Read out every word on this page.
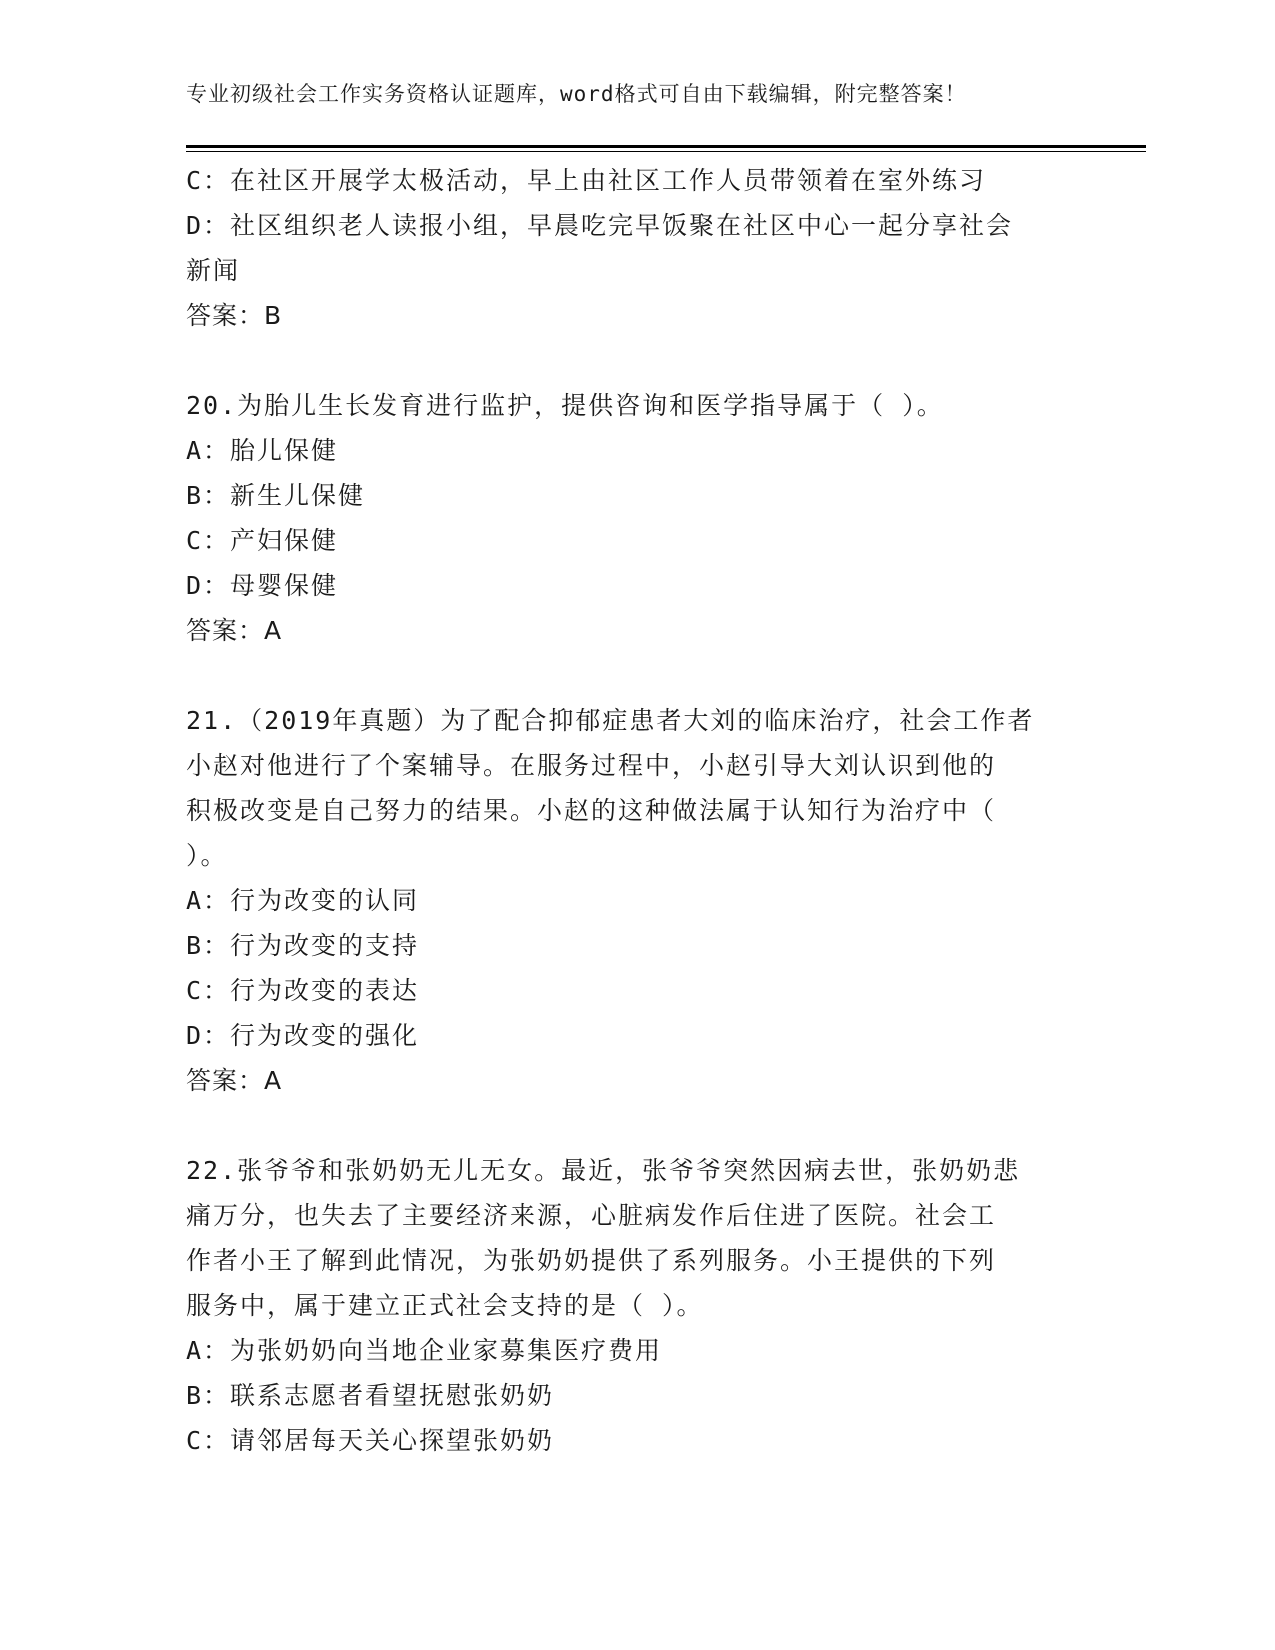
专业初级社会工作实务资格认证题库，word格式可自由下载编辑，附完整答案！
C：在社区开展学太极活动，早上由社区工作人员带领着在室外练习
D：社区组织老人读报小组，早晨吃完早饭聚在社区中心一起分享社会
新闻
答案：B
20.为胎儿生长发育进行监护，提供咨询和医学指导属于（ ）。
A：胎儿保健
B：新生儿保健
C：产妇保健
D：母婴保健
答案：A
21.（2019年真题）为了配合抑郁症患者大刘的临床治疗，社会工作者
小赵对他进行了个案辅导。在服务过程中，小赵引导大刘认识到他的
积极改变是自己努力的结果。小赵的这种做法属于认知行为治疗中（
）。
A：行为改变的认同
B：行为改变的支持
C：行为改变的表达
D：行为改变的强化
答案：A
22.张爷爷和张奶奶无儿无女。最近，张爷爷突然因病去世，张奶奶悲
痛万分，也失去了主要经济来源，心脏病发作后住进了医院。社会工
作者小王了解到此情况，为张奶奶提供了系列服务。小王提供的下列
服务中，属于建立正式社会支持的是（ ）。
A：为张奶奶向当地企业家募集医疗费用
B：联系志愿者看望抚慰张奶奶
C：请邻居每天关心探望张奶奶
